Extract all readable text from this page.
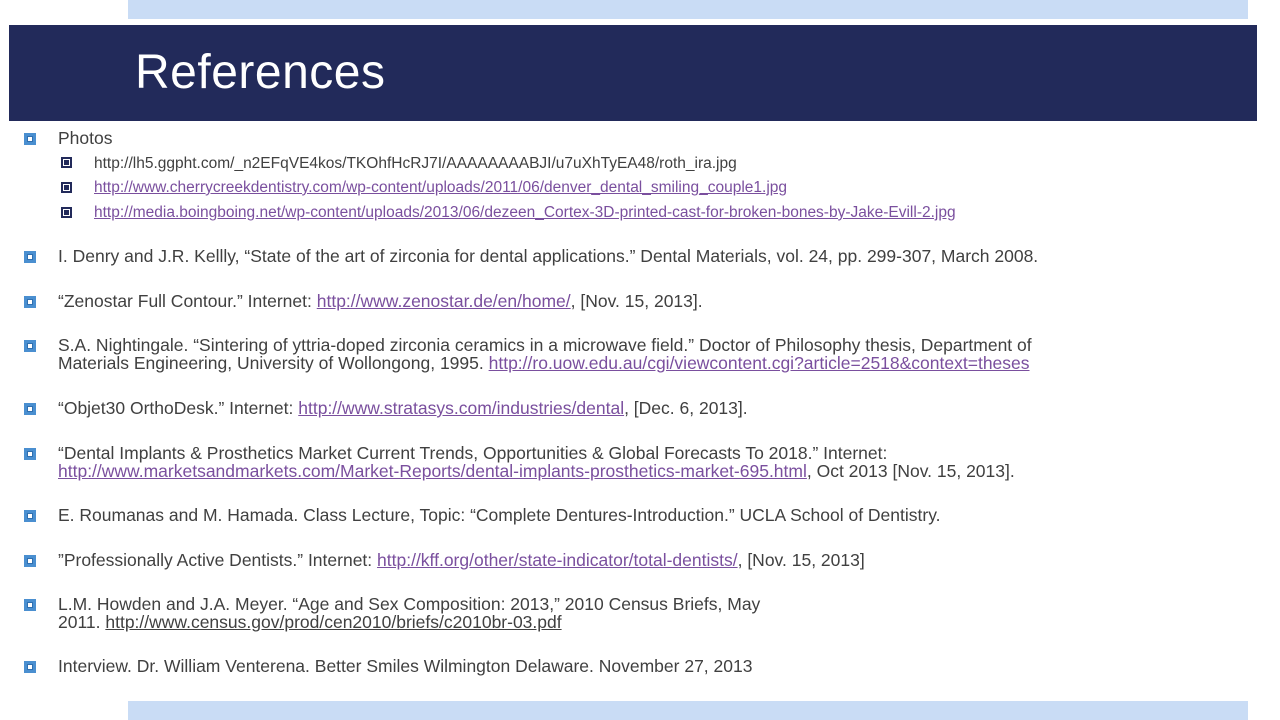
References
Photos
http://lh5.ggpht.com/_n2EFqVE4kos/TKOhfHcRJ7I/AAAAAAAABJI/u7uXhTyEA48/roth_ira.jpg
http://www.cherrycreekdentistry.com/wp-content/uploads/2011/06/denver_dental_smiling_couple1.jpg
http://media.boingboing.net/wp-content/uploads/2013/06/dezeen_Cortex-3D-printed-cast-for-broken-bones-by-Jake-Evill-2.jpg
I. Denry and J.R. Kellly, “State of the art of zirconia for dental applications.” Dental Materials, vol. 24, pp. 299-307, March 2008.
“Zenostar Full Contour.” Internet: http://www.zenostar.de/en/home/, [Nov. 15, 2013].
S.A. Nightingale. “Sintering of yttria-doped zirconia ceramics in a microwave field.” Doctor of Philosophy thesis, Department of
Materials Engineering, University of Wollongong, 1995. http://ro.uow.edu.au/cgi/viewcontent.cgi?article=2518&context=theses
“Objet30 OrthoDesk.” Internet: http://www.stratasys.com/industries/dental, [Dec. 6, 2013].
“Dental Implants & Prosthetics Market Current Trends, Opportunities & Global Forecasts To 2018.” Internet:
http://www.marketsandmarkets.com/Market-Reports/dental-implants-prosthetics-market-695.html, Oct 2013 [Nov. 15, 2013].
E. Roumanas and M. Hamada. Class Lecture, Topic: “Complete Dentures-Introduction.” UCLA School of Dentistry.
”Professionally Active Dentists.” Internet: http://kff.org/other/state-indicator/total-dentists/, [Nov. 15, 2013]
L.M. Howden and J.A. Meyer. “Age and Sex Composition: 2013,” 2010 Census Briefs, May
2011. http://www.census.gov/prod/cen2010/briefs/c2010br-03.pdf
Interview. Dr. William Venterena. Better Smiles Wilmington Delaware. November 27, 2013
